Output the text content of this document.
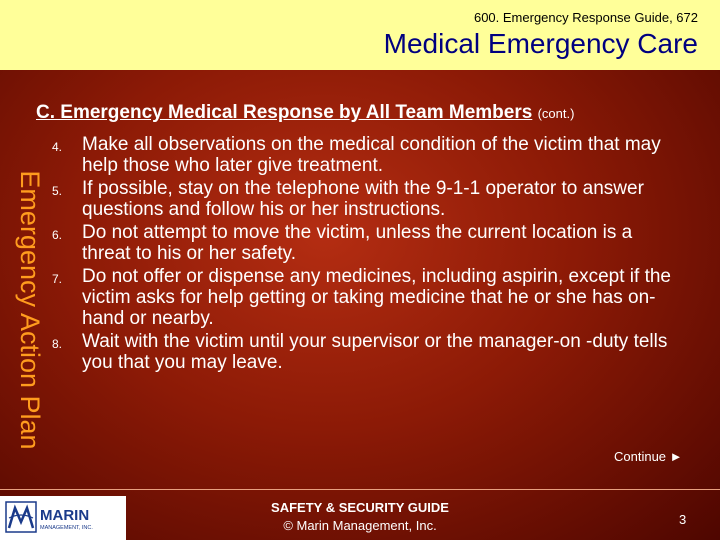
600. Emergency Response Guide, 672
Medical Emergency Care
Emergency Action Plan
C. Emergency Medical Response by All Team Members (cont.)
4.	Make all observations on the medical condition of the victim that may help those who later give treatment.
5.	If possible, stay on the telephone with the 9-1-1 operator to answer questions and follow his or her instructions.
6.	Do not attempt to move the victim, unless the current location is a threat to his or her safety.
7.	Do not offer or dispense any medicines, including aspirin, except if the victim asks for help getting or taking medicine that he or she has on-hand or nearby.
8.	Wait with the victim until your supervisor or the manager-on -duty tells you that you may leave.
Continue ►
MARIN
MANAGEMENT, INC.
SAFETY & SECURITY GUIDE
© Marin Management, Inc.	3
